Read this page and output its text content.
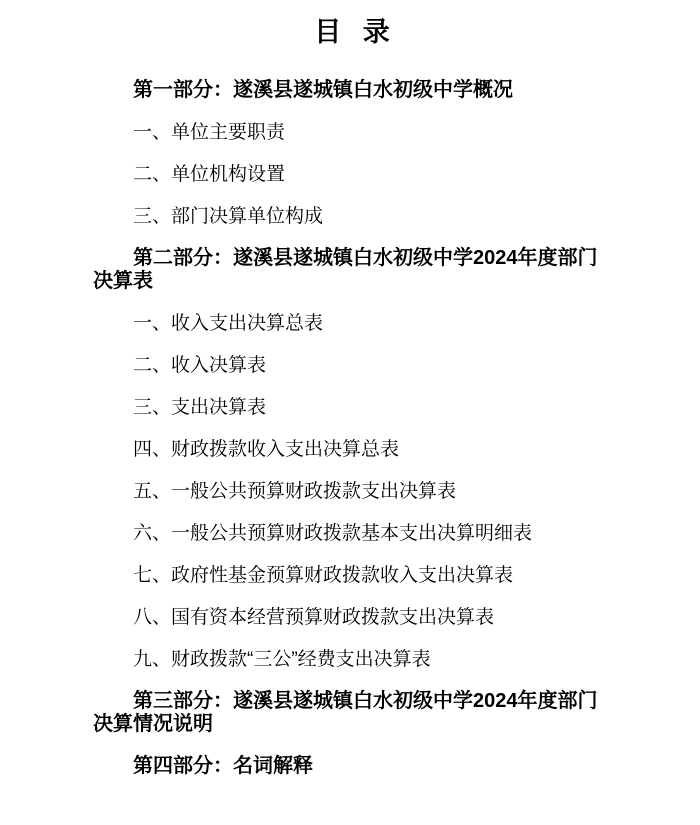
目 录

第一部分：遂溪县遂城镇白水初级中学概况

一、单位主要职责

二、单位机构设置

三、部门决算单位构成

第二部分：遂溪县遂城镇白水初级中学2024年度部门决算表

一、收入支出决算总表

二、收入决算表

三、支出决算表

四、财政拨款收入支出决算总表

五、一般公共预算财政拨款支出决算表

六、一般公共预算财政拨款基本支出决算明细表

七、政府性基金预算财政拨款收入支出决算表

八、国有资本经营预算财政拨款支出决算表

九、财政拨款“三公”经费支出决算表

第三部分：遂溪县遂城镇白水初级中学2024年度部门决算情况说明

第四部分：名词解释
